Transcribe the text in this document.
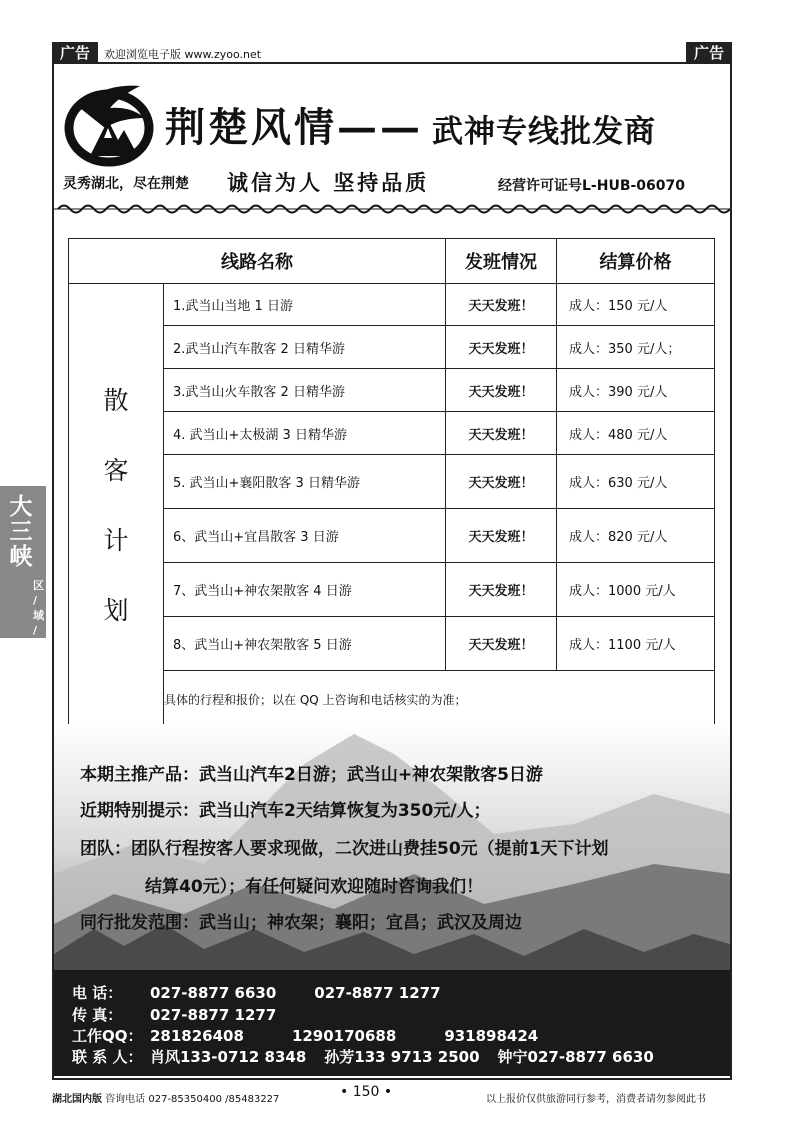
广告	欢迎浏览电子版 www.zyoo.net	广告
荆楚风情—— 武神专线批发商
灵秀湖北，尽在荆楚 诚信为人 坚持品质	经营许可证号L-HUB-06070
大
三
峡
区
/
域
/
版
线路名称		发班情况	结算价格

散
客
计
划	1.武当山当地 1 日游	天天发班！	成人：150 元/人
	2.武当山汽车散客 2 日精华游	天天发班！	成人：350 元/人；
	3.武当山火车散客 2 日精华游	天天发班！	成人：390 元/人
	4. 武当山+太极湖 3 日精华游	天天发班！	成人：480 元/人
	5. 武当山+襄阳散客 3 日精华游	天天发班！	成人：630 元/人
	6、武当山+宜昌散客 3 日游	天天发班！	成人：820 元/人
	7、武当山+神农架散客 4 日游	天天发班！	成人：1000 元/人
	8、武当山+神农架散客 5 日游	天天发班！	成人：1100 元/人
	具体的行程和报价；以在 QQ 上咨询和电话核实的为准；		
本期主推产品：武当山汽车2日游；武当山+神农架散客5日游
近期特别提示：武当山汽车2天结算恢复为350元/人；
团队：团队行程按客人要求现做，二次进山费挂50元（提前1天下计划
结算40元）；有任何疑问欢迎随时咨询我们！
同行批发范围：武当山；神农架；襄阳；宜昌；武汉及周边
电 话： 027-8877 6630	027-8877 1277
传 真： 027-8877 1277
工作QQ： 281826408	1290170688	931898424
联 系 人： 肖风133-0712 8348 孙芳133 9713 2500 钟宁027-8877 6630
湖北国内版 咨询电话 027-85350400 /85483227	• 150 •	以上报价仅供旅游同行参考，消费者请勿参阅此书
